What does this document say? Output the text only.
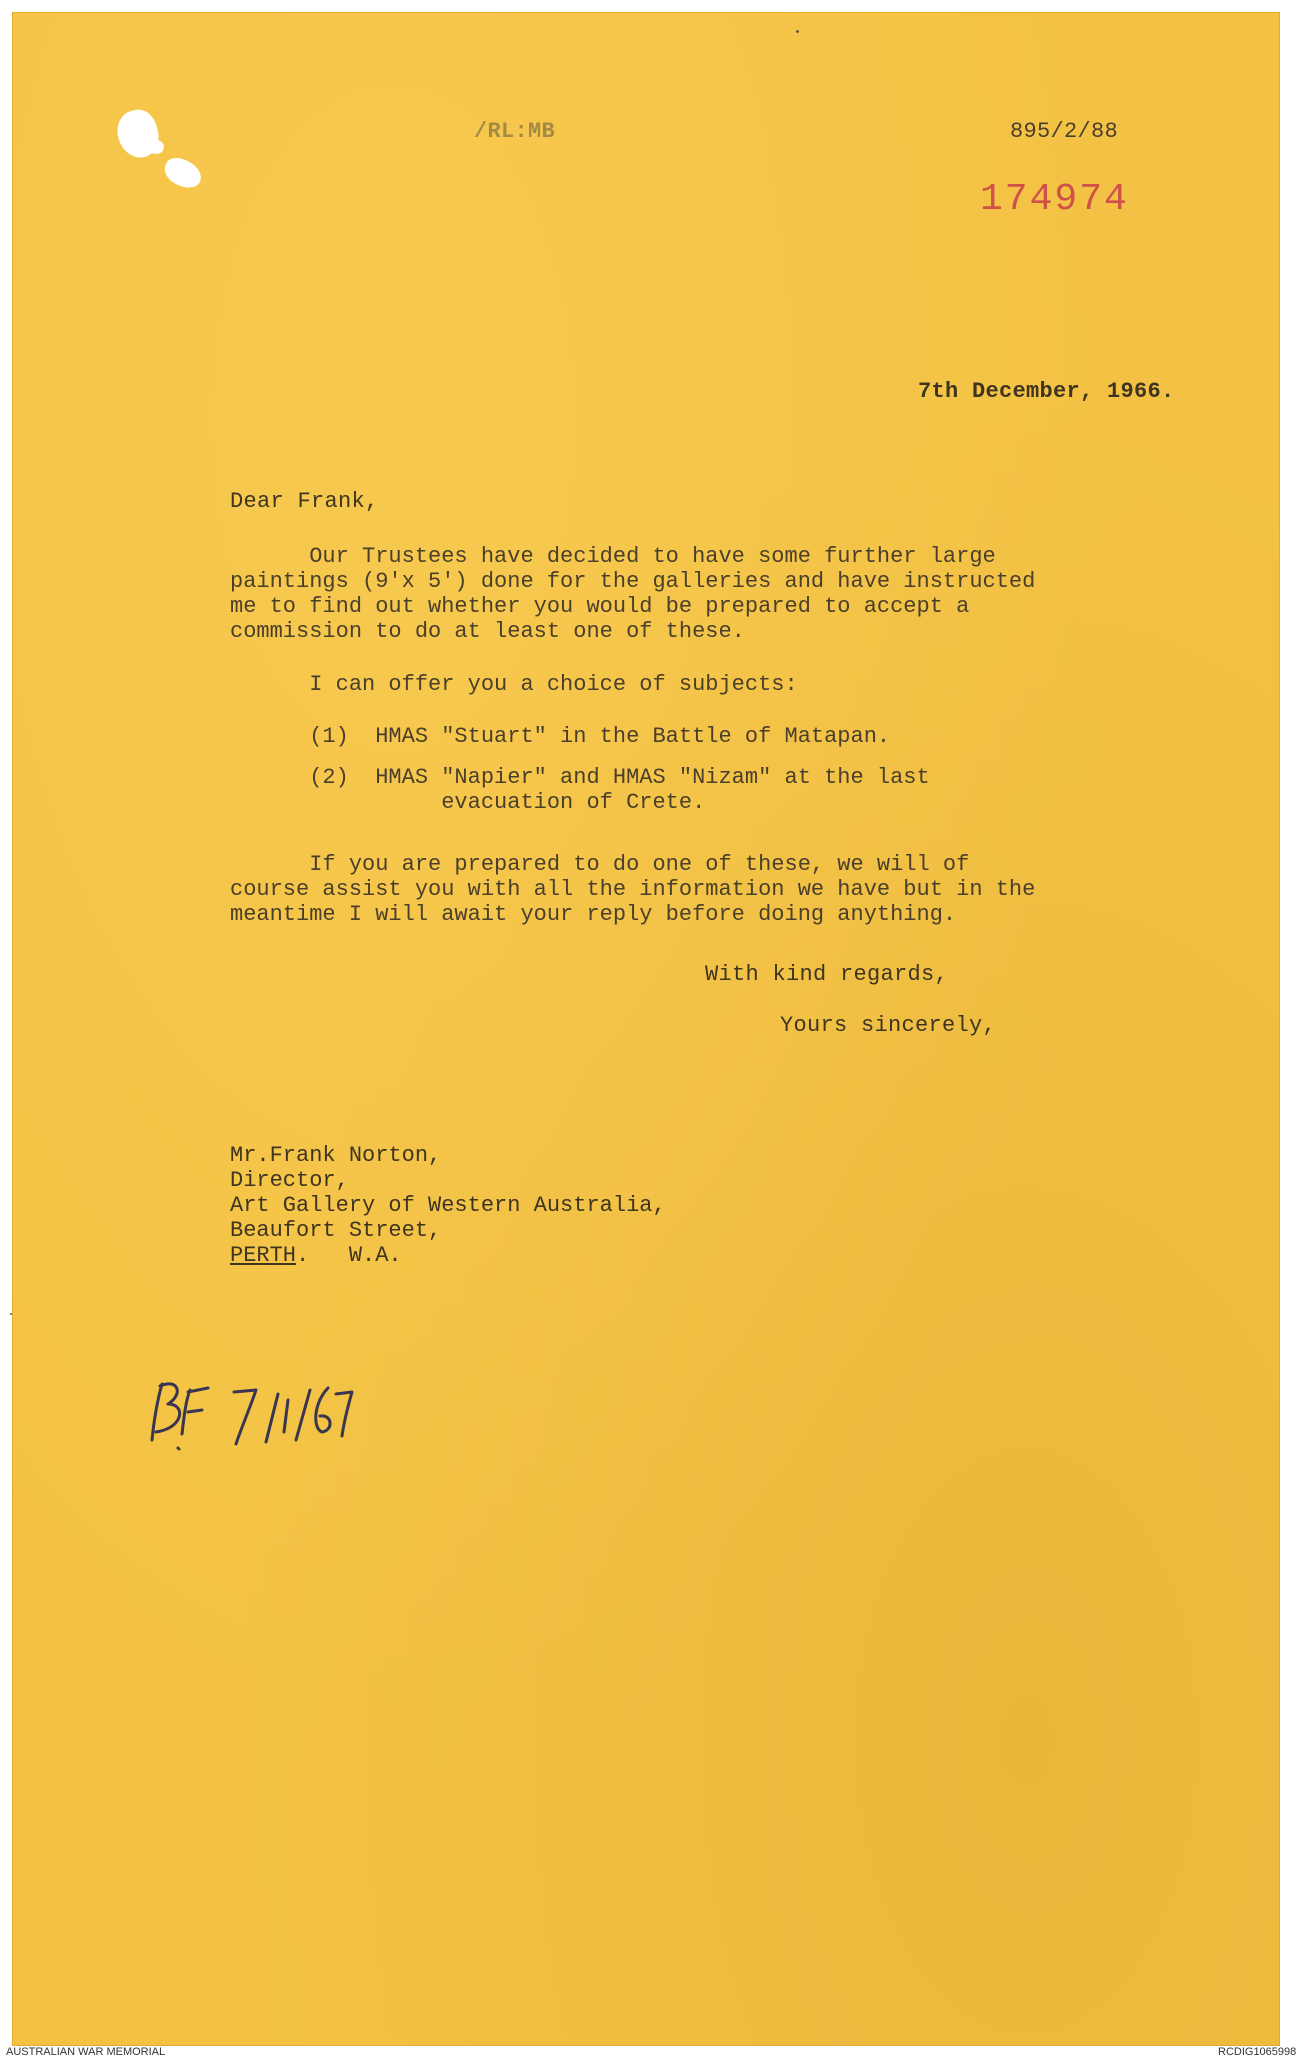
/RL:MB	895/2/88
174974
7th December, 1966.
Dear Frank,
Our Trustees have decided to have some further large
paintings (9'x 5') done for the galleries and have instructed
me to find out whether you would be prepared to accept a
commission to do at least one of these.
I can offer you a choice of subjects:
(1)  HMAS "Stuart" in the Battle of Matapan.
(2)  HMAS "Napier" and HMAS "Nizam" at the last
evacuation of Crete.
If you are prepared to do one of these, we will of
course assist you with all the information we have but in the
meantime I will await your reply before doing anything.
With kind regards,
Yours sincerely,
Mr.Frank Norton,
Director,
Art Gallery of Western Australia,
Beaufort Street,
PERTH.   W.A.
B.F. 7/1/67
AUSTRALIAN WAR MEMORIAL	RCDIG1065998
